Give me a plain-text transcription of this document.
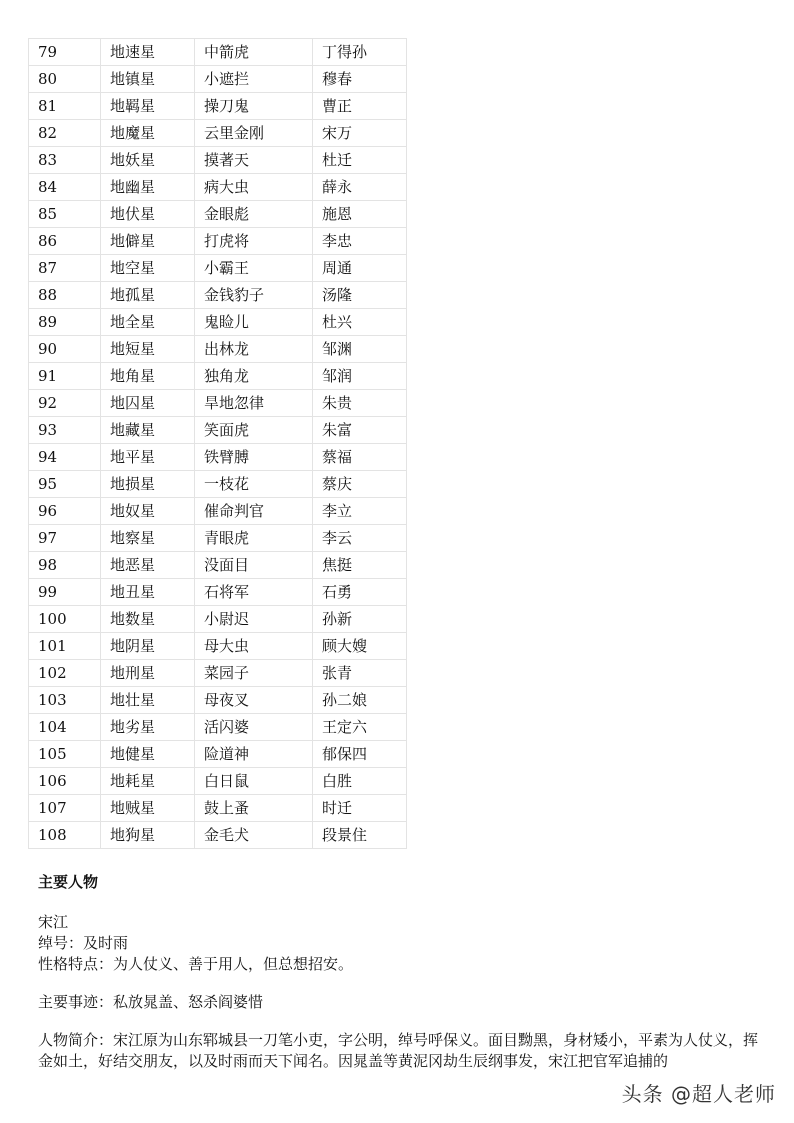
79	地速星	中箭虎	丁得孙
80	地镇星	小遮拦	穆春
81	地羁星	操刀鬼	曹正
82	地魔星	云里金刚	宋万
83	地妖星	摸著天	杜迁
84	地幽星	病大虫	薛永
85	地伏星	金眼彪	施恩
86	地僻星	打虎将	李忠
87	地空星	小霸王	周通
88	地孤星	金钱豹子	汤隆
89	地全星	鬼睑儿	杜兴
90	地短星	出林龙	邹渊
91	地角星	独角龙	邹润
92	地囚星	旱地忽律	朱贵
93	地藏星	笑面虎	朱富
94	地平星	铁臂膊	蔡福
95	地损星	一枝花	蔡庆
96	地奴星	催命判官	李立
97	地察星	青眼虎	李云
98	地恶星	没面目	焦挺
99	地丑星	石将军	石勇
100	地数星	小尉迟	孙新
101	地阴星	母大虫	顾大嫂
102	地刑星	菜园子	张青
103	地壮星	母夜叉	孙二娘
104	地劣星	活闪婆	王定六
105	地健星	险道神	郁保四
106	地耗星	白日鼠	白胜
107	地贼星	鼓上蚤	时迁
108	地狗星	金毛犬	段景住
主要人物

宋江

绰号：及时雨

性格特点：为人仗义、善于用人，但总想招安。

主要事迹：私放晁盖、怒杀阎婆惜

人物简介：宋江原为山东郓城县一刀笔小吏，字公明，绰号呼保义。面目黝黑，身材矮小，平素为人仗义，挥金如土，好结交朋友，以及时雨而天下闻名。因晁盖等黄泥冈劫生辰纲事发，宋江把官军追捕的

头条 @超人老师
